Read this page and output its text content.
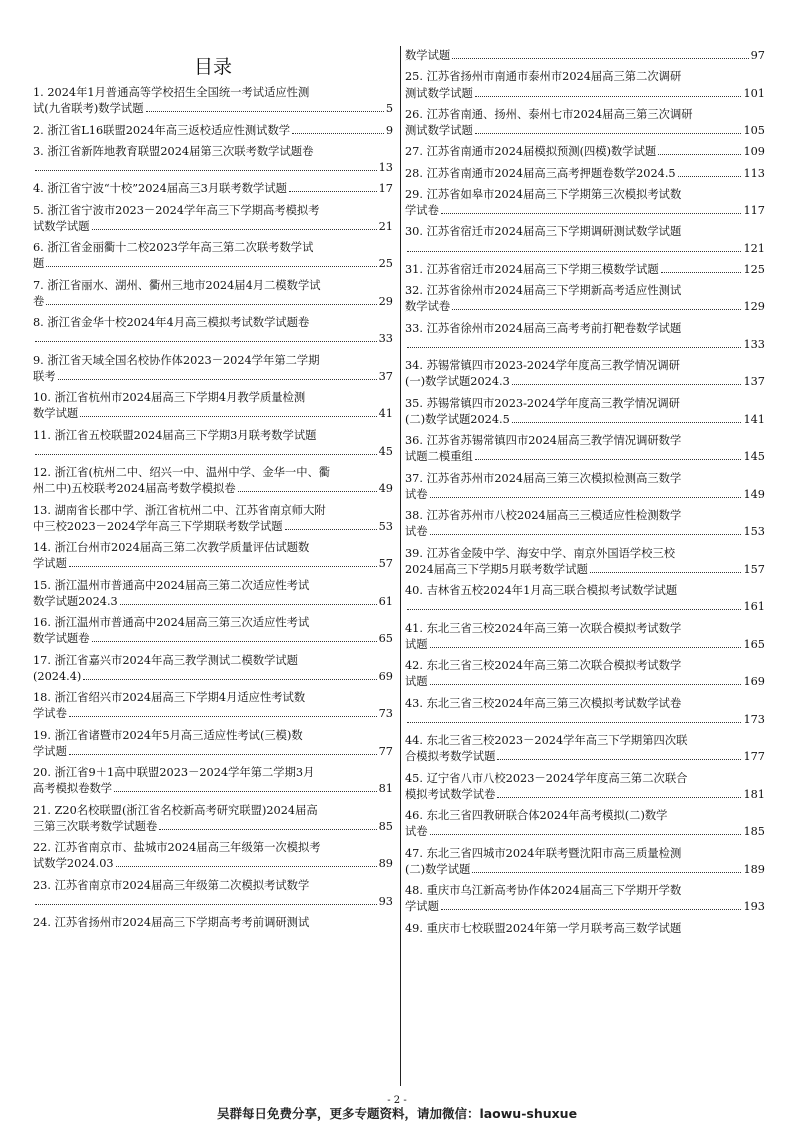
目录
1. 2024年1月普通高等学校招生全国统一考试适应性测
试(九省联考)数学试题	5
2. 浙江省L16联盟2024年高三返校适应性测试数学	9
3. 浙江省新阵地教育联盟2024届第三次联考数学试题卷
13
4. 浙江省宁波“十校”2024届高三3月联考数学试题	17
5. 浙江省宁波市2023－2024学年高三下学期高考模拟考
试数学试题	21
6. 浙江省金丽衢十二校2023学年高三第二次联考数学试
题	25
7. 浙江省丽水、湖州、衢州三地市2024届4月二模数学试
卷	29
8. 浙江省金华十校2024年4月高三模拟考试数学试题卷
33
9. 浙江省天域全国名校协作体2023－2024学年第二学期
联考	37
10. 浙江省杭州市2024届高三下学期4月教学质量检测
数学试题	41
11. 浙江省五校联盟2024届高三下学期3月联考数学试题
45
12. 浙江省(杭州二中、绍兴一中、温州中学、金华一中、衢
州二中)五校联考2024届高考数学模拟卷	49
13. 湖南省长郡中学、浙江省杭州二中、江苏省南京师大附
中三校2023－2024学年高三下学期联考数学试题	53
14. 浙江台州市2024届高三第二次教学质量评估试题数
学试题	57
15. 浙江温州市普通高中2024届高三第二次适应性考试
数学试题2024.3	61
16. 浙江温州市普通高中2024届高三第三次适应性考试
数学试题卷	65
17. 浙江省嘉兴市2024年高三教学测试二模数学试题
(2024.4)	69
18. 浙江省绍兴市2024届高三下学期4月适应性考试数
学试卷	73
19. 浙江省诸暨市2024年5月高三适应性考试(三模)数
学试题	77
20. 浙江省9＋1高中联盟2023－2024学年第二学期3月
高考模拟卷数学	81
21. Z20名校联盟(浙江省名校新高考研究联盟)2024届高
三第三次联考数学试题卷	85
22. 江苏省南京市、盐城市2024届高三年级第一次模拟考
试数学2024.03	89
23. 江苏省南京市2024届高三年级第二次模拟考试数学
93
24. 江苏省扬州市2024届高三下学期高考考前调研测试
数学试题	97
25. 江苏省扬州市南通市泰州市2024届高三第二次调研
测试数学试题	101
26. 江苏省南通、扬州、泰州七市2024届高三第三次调研
测试数学试题	105
27. 江苏省南通市2024届模拟预测(四模)数学试题	109
28. 江苏省南通市2024届高三高考押题卷数学2024.5	113
29. 江苏省如皋市2024届高三下学期第三次模拟考试数
学试卷	117
30. 江苏省宿迁市2024届高三下学期调研测试数学试题
121
31. 江苏省宿迁市2024届高三下学期三模数学试题	125
32. 江苏省徐州市2024届高三下学期新高考适应性测试
数学试卷	129
33. 江苏省徐州市2024届高三高考考前打靶卷数学试题
133
34. 苏锡常镇四市2023-2024学年度高三教学情况调研
(一)数学试题2024.3	137
35. 苏锡常镇四市2023-2024学年度高三教学情况调研
(二)数学试题2024.5	141
36. 江苏省苏锡常镇四市2024届高三教学情况调研数学
试题二模重组	145
37. 江苏省苏州市2024届高三第三次模拟检测高三数学
试卷	149
38. 江苏省苏州市八校2024届高三三模适应性检测数学
试卷	153
39. 江苏省金陵中学、海安中学、南京外国语学校三校
2024届高三下学期5月联考数学试题	157
40. 吉林省五校2024年1月高三联合模拟考试数学试题
161
41. 东北三省三校2024年高三第一次联合模拟考试数学
试题	165
42. 东北三省三校2024年高三第二次联合模拟考试数学
试题	169
43. 东北三省三校2024年高三第三次模拟考试数学试卷
173
44. 东北三省三校2023－2024学年高三下学期第四次联
合模拟考数学试题	177
45. 辽宁省八市八校2023－2024学年度高三第二次联合
模拟考试数学试卷	181
46. 东北三省四教研联合体2024年高考模拟(二)数学
试卷	185
47. 东北三省四城市2024年联考暨沈阳市高三质量检测
(二)数学试题	189
48. 重庆市乌江新高考协作体2024届高三下学期开学数
学试题	193
49. 重庆市七校联盟2024年第一学月联考高三数学试题
- 2 -
吴群每日免费分享，更多专题资料，请加微信：laowu-shuxue
